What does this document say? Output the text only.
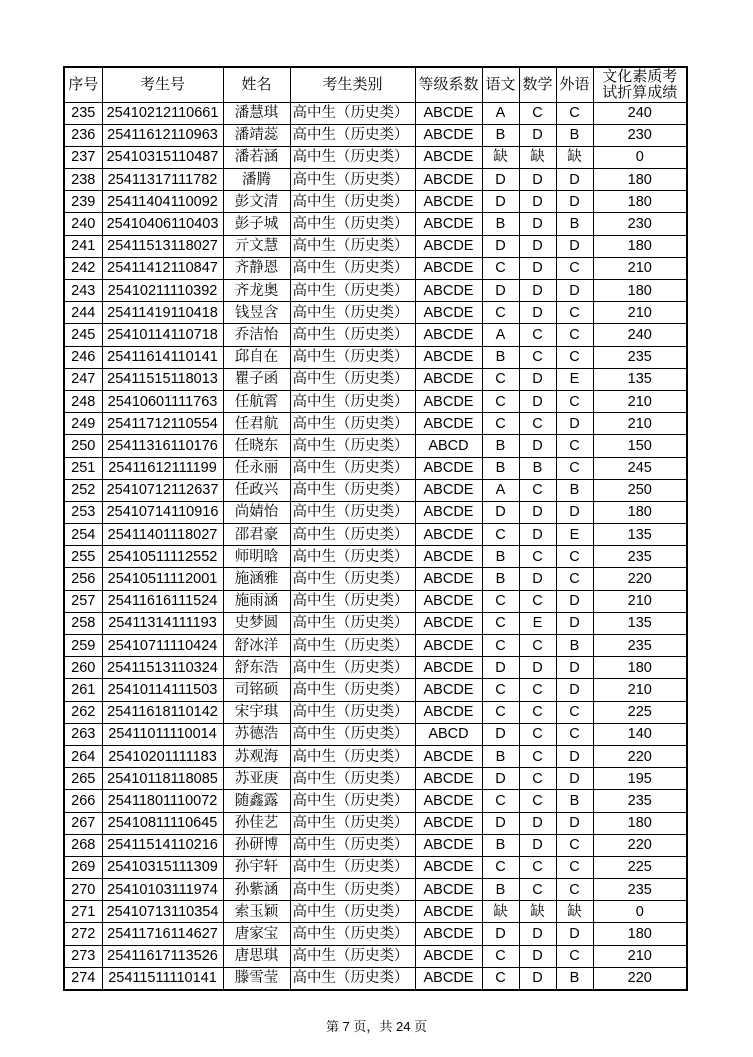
序号	考生号	姓名	考生类别	等级系数	语文	数学	外语	文化素质考试折算成绩
235	25410212110661	潘慧琪	高中生（历史类）	ABCDE	A	C	C	240
236	25411612110963	潘靖蕊	高中生（历史类）	ABCDE	B	D	B	230
237	25410315110487	潘若涵	高中生（历史类）	ABCDE	缺	缺	缺	0
238	25411317111782	潘腾	高中生（历史类）	ABCDE	D	D	D	180
239	25411404110092	彭文清	高中生（历史类）	ABCDE	D	D	D	180
240	25410406110403	彭子城	高中生（历史类）	ABCDE	B	D	B	230
241	25411513118027	亓文慧	高中生（历史类）	ABCDE	D	D	D	180
242	25411412110847	齐静恩	高中生（历史类）	ABCDE	C	D	C	210
243	25410211110392	齐龙奥	高中生（历史类）	ABCDE	D	D	D	180
244	25411419110418	钱昱含	高中生（历史类）	ABCDE	C	D	C	210
245	25410114110718	乔洁怡	高中生（历史类）	ABCDE	A	C	C	240
246	25411614110141	邱自在	高中生（历史类）	ABCDE	B	C	C	235
247	25411515118013	瞿子函	高中生（历史类）	ABCDE	C	D	E	135
248	25410601111763	任航霄	高中生（历史类）	ABCDE	C	D	C	210
249	25411712110554	任君航	高中生（历史类）	ABCDE	C	C	D	210
250	25411316110176	任晓东	高中生（历史类）	ABCD	B	D	C	150
251	25411612111199	任永丽	高中生（历史类）	ABCDE	B	B	C	245
252	25410712112637	任政兴	高中生（历史类）	ABCDE	A	C	B	250
253	25410714110916	尚婧怡	高中生（历史类）	ABCDE	D	D	D	180
254	25411401118027	邵君豪	高中生（历史类）	ABCDE	C	D	E	135
255	25410511112552	师明晗	高中生（历史类）	ABCDE	B	C	C	235
256	25410511112001	施涵雅	高中生（历史类）	ABCDE	B	D	C	220
257	25411616111524	施雨涵	高中生（历史类）	ABCDE	C	C	D	210
258	25411314111193	史梦圆	高中生（历史类）	ABCDE	C	E	D	135
259	25410711110424	舒冰洋	高中生（历史类）	ABCDE	C	C	B	235
260	25411513110324	舒东浩	高中生（历史类）	ABCDE	D	D	D	180
261	25410114111503	司铭硕	高中生（历史类）	ABCDE	C	C	D	210
262	25411618110142	宋宇琪	高中生（历史类）	ABCDE	C	C	C	225
263	25411011110014	苏德浩	高中生（历史类）	ABCD	D	C	C	140
264	25410201111183	苏观海	高中生（历史类）	ABCDE	B	C	D	220
265	25410118118085	苏亚庚	高中生（历史类）	ABCDE	D	C	D	195
266	25411801110072	随鑫露	高中生（历史类）	ABCDE	C	C	B	235
267	25410811110645	孙佳艺	高中生（历史类）	ABCDE	D	D	D	180
268	25411514110216	孙研博	高中生（历史类）	ABCDE	B	D	C	220
269	25410315111309	孙宇轩	高中生（历史类）	ABCDE	C	C	C	225
270	25410103111974	孙紫涵	高中生（历史类）	ABCDE	B	C	C	235
271	25410713110354	索玉颖	高中生（历史类）	ABCDE	缺	缺	缺	0
272	25411716114627	唐家宝	高中生（历史类）	ABCDE	D	D	D	180
273	25411617113526	唐思琪	高中生（历史类）	ABCDE	C	D	C	210
274	25411511110141	滕雪莹	高中生（历史类）	ABCDE	C	D	B	220
第 7 页，共 24 页
